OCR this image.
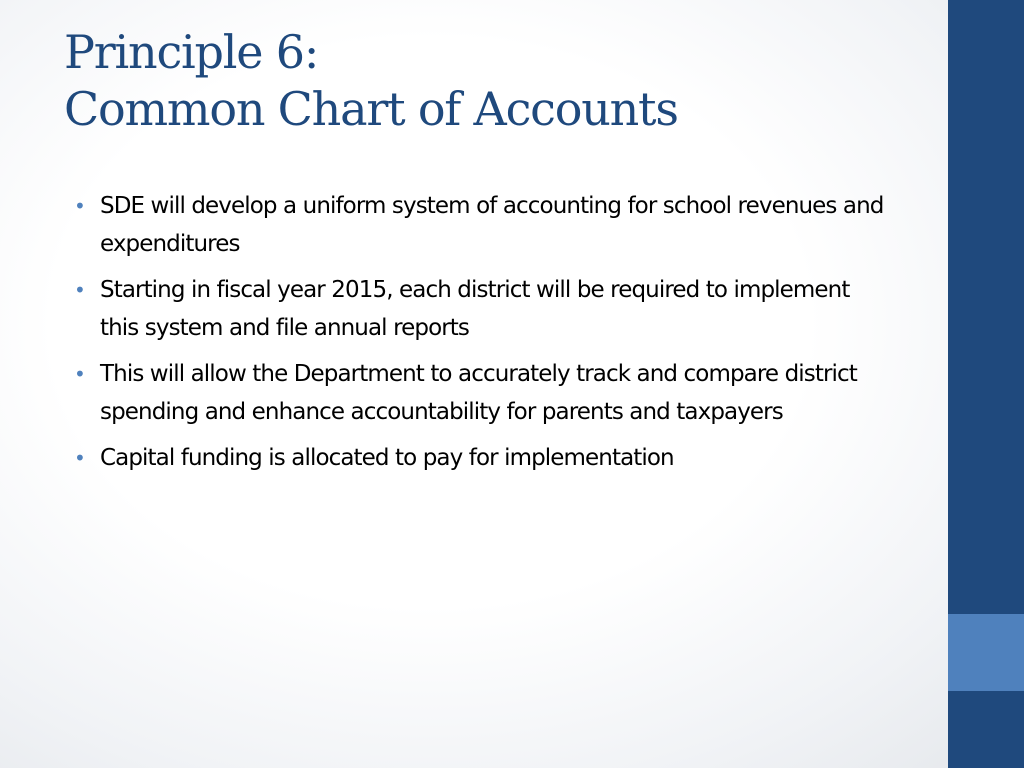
Principle 6:
Common Chart of Accounts
• SDE will develop a uniform system of accounting for school revenues and expenditures
• Starting in fiscal year 2015, each district will be required to implement this system and file annual reports
• This will allow the Department to accurately track and compare district spending and enhance accountability for parents and taxpayers
• Capital funding is allocated to pay for implementation
